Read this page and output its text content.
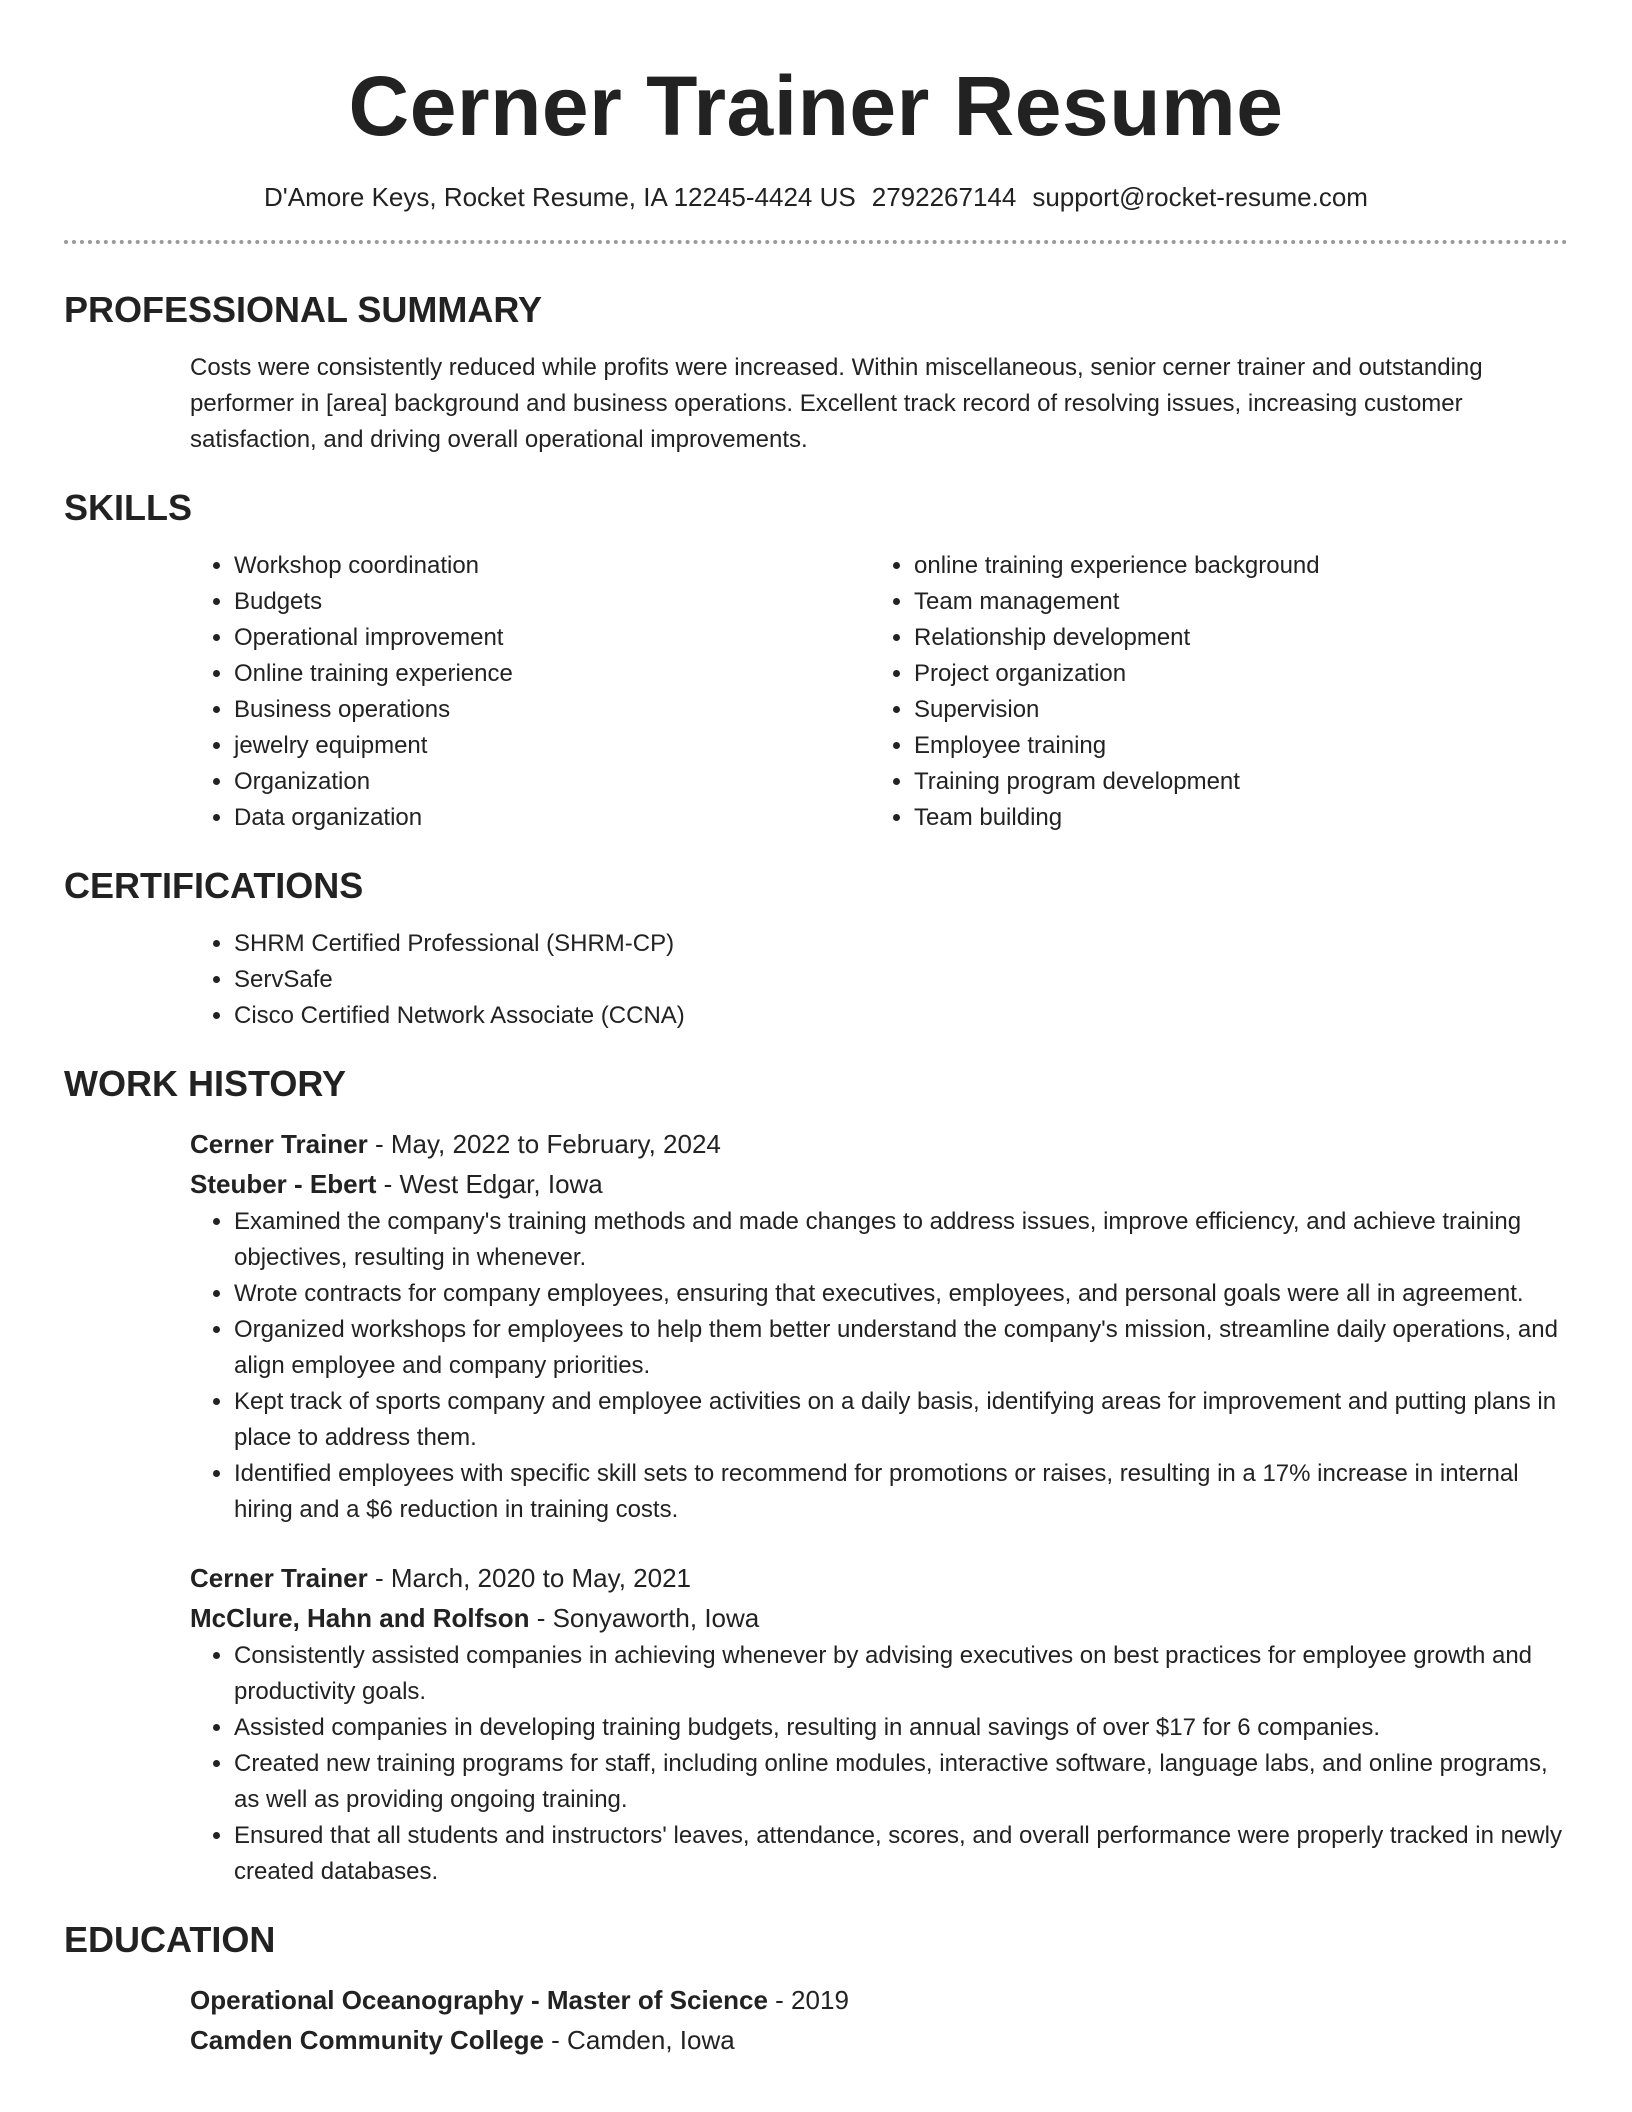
Cerner Trainer Resume
D'Amore Keys, Rocket Resume, IA 12245-4424 US 2792267144 support@rocket-resume.com
PROFESSIONAL SUMMARY
Costs were consistently reduced while profits were increased. Within miscellaneous, senior cerner trainer and outstanding performer in [area] background and business operations. Excellent track record of resolving issues, increasing customer satisfaction, and driving overall operational improvements.
SKILLS
• Workshop coordination
• Budgets
• Operational improvement
• Online training experience
• Business operations
• jewelry equipment
• Organization
• Data organization
• online training experience background
• Team management
• Relationship development
• Project organization
• Supervision
• Employee training
• Training program development
• Team building
CERTIFICATIONS
• SHRM Certified Professional (SHRM-CP)
• ServSafe
• Cisco Certified Network Associate (CCNA)
WORK HISTORY
Cerner Trainer - May, 2022 to February, 2024
Steuber - Ebert - West Edgar, Iowa
• Examined the company's training methods and made changes to address issues, improve efficiency, and achieve training objectives, resulting in whenever.
• Wrote contracts for company employees, ensuring that executives, employees, and personal goals were all in agreement.
• Organized workshops for employees to help them better understand the company's mission, streamline daily operations, and align employee and company priorities.
• Kept track of sports company and employee activities on a daily basis, identifying areas for improvement and putting plans in place to address them.
• Identified employees with specific skill sets to recommend for promotions or raises, resulting in a 17% increase in internal hiring and a $6 reduction in training costs.
Cerner Trainer - March, 2020 to May, 2021
McClure, Hahn and Rolfson - Sonyaworth, Iowa
• Consistently assisted companies in achieving whenever by advising executives on best practices for employee growth and productivity goals.
• Assisted companies in developing training budgets, resulting in annual savings of over $17 for 6 companies.
• Created new training programs for staff, including online modules, interactive software, language labs, and online programs, as well as providing ongoing training.
• Ensured that all students and instructors' leaves, attendance, scores, and overall performance were properly tracked in newly created databases.
EDUCATION
Operational Oceanography - Master of Science - 2019
Camden Community College - Camden, Iowa
